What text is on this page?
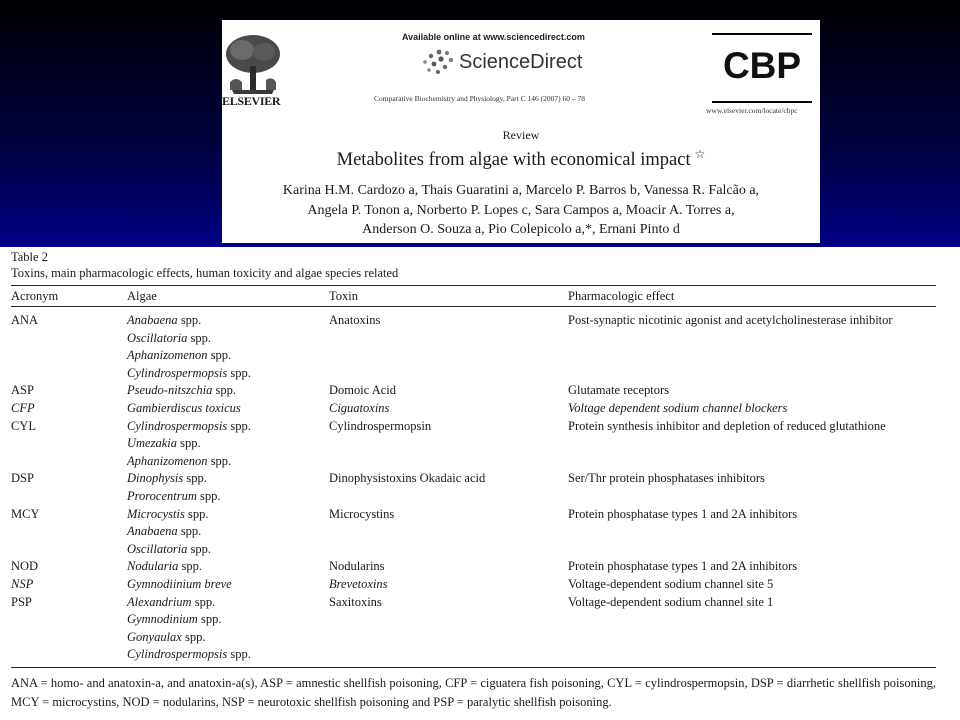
ELSEVIER
Available online at www.sciencedirect.com
ScienceDirect
Comparative Biochemistry and Physiology, Part C 146 (2007) 60 – 78
CBP
www.elsevier.com/locate/cbpc
Review
Metabolites from algae with economical impact ☆
Karina H.M. Cardozo a, Thais Guaratini a, Marcelo P. Barros b, Vanessa R. Falcão a,
Angela P. Tonon a, Norberto P. Lopes c, Sara Campos a, Moacir A. Torres a,
Anderson O. Souza a, Pio Colepicolo a,*, Ernani Pinto d
Table 2
Toxins, main pharmacologic effects, human toxicity and algae species related
Acronym	Algae	Toxin	Pharmacologic effect
ANA	Anabaena spp.	Anatoxins	Post-synaptic nicotinic agonist and acetylcholinesterase inhibitor
Oscillatoria spp.
Aphanizomenon spp.
Cylindrospermopsis spp.
ASP	Pseudo-nitszchia spp.	Domoic Acid	Glutamate receptors
CFP	Gambierdiscus toxicus	Ciguatoxins	Voltage dependent sodium channel blockers
CYL	Cylindrospermopsis spp.	Cylindrospermopsin	Protein synthesis inhibitor and depletion of reduced glutathione
Umezakia spp.
Aphanizomenon spp.
DSP	Dinophysis spp.	Dinophysistoxins Okadaic acid	Ser/Thr protein phosphatases inhibitors
Prorocentrum spp.
MCY	Microcystis spp.	Microcystins	Protein phosphatase types 1 and 2A inhibitors
Anabaena spp.
Oscillatoria spp.
NOD	Nodularia spp.	Nodularins	Protein phosphatase types 1 and 2A inhibitors
NSP	Gymnodiinium breve	Brevetoxins	Voltage-dependent sodium channel site 5
PSP	Alexandrium spp.	Saxitoxins	Voltage-dependent sodium channel site 1
Gymnodinium spp.
Gonyaulax spp.
Cylindrospermopsis spp.
ANA = homo- and anatoxin-a, and anatoxin-a(s), ASP = amnestic shellfish poisoning, CFP = ciguatera fish poisoning, CYL = cylindrospermopsin, DSP = diarrhetic shellfish poisoning, MCY = microcystins, NOD = nodularins, NSP = neurotoxic shellfish poisoning and PSP = paralytic shellfish poisoning.
